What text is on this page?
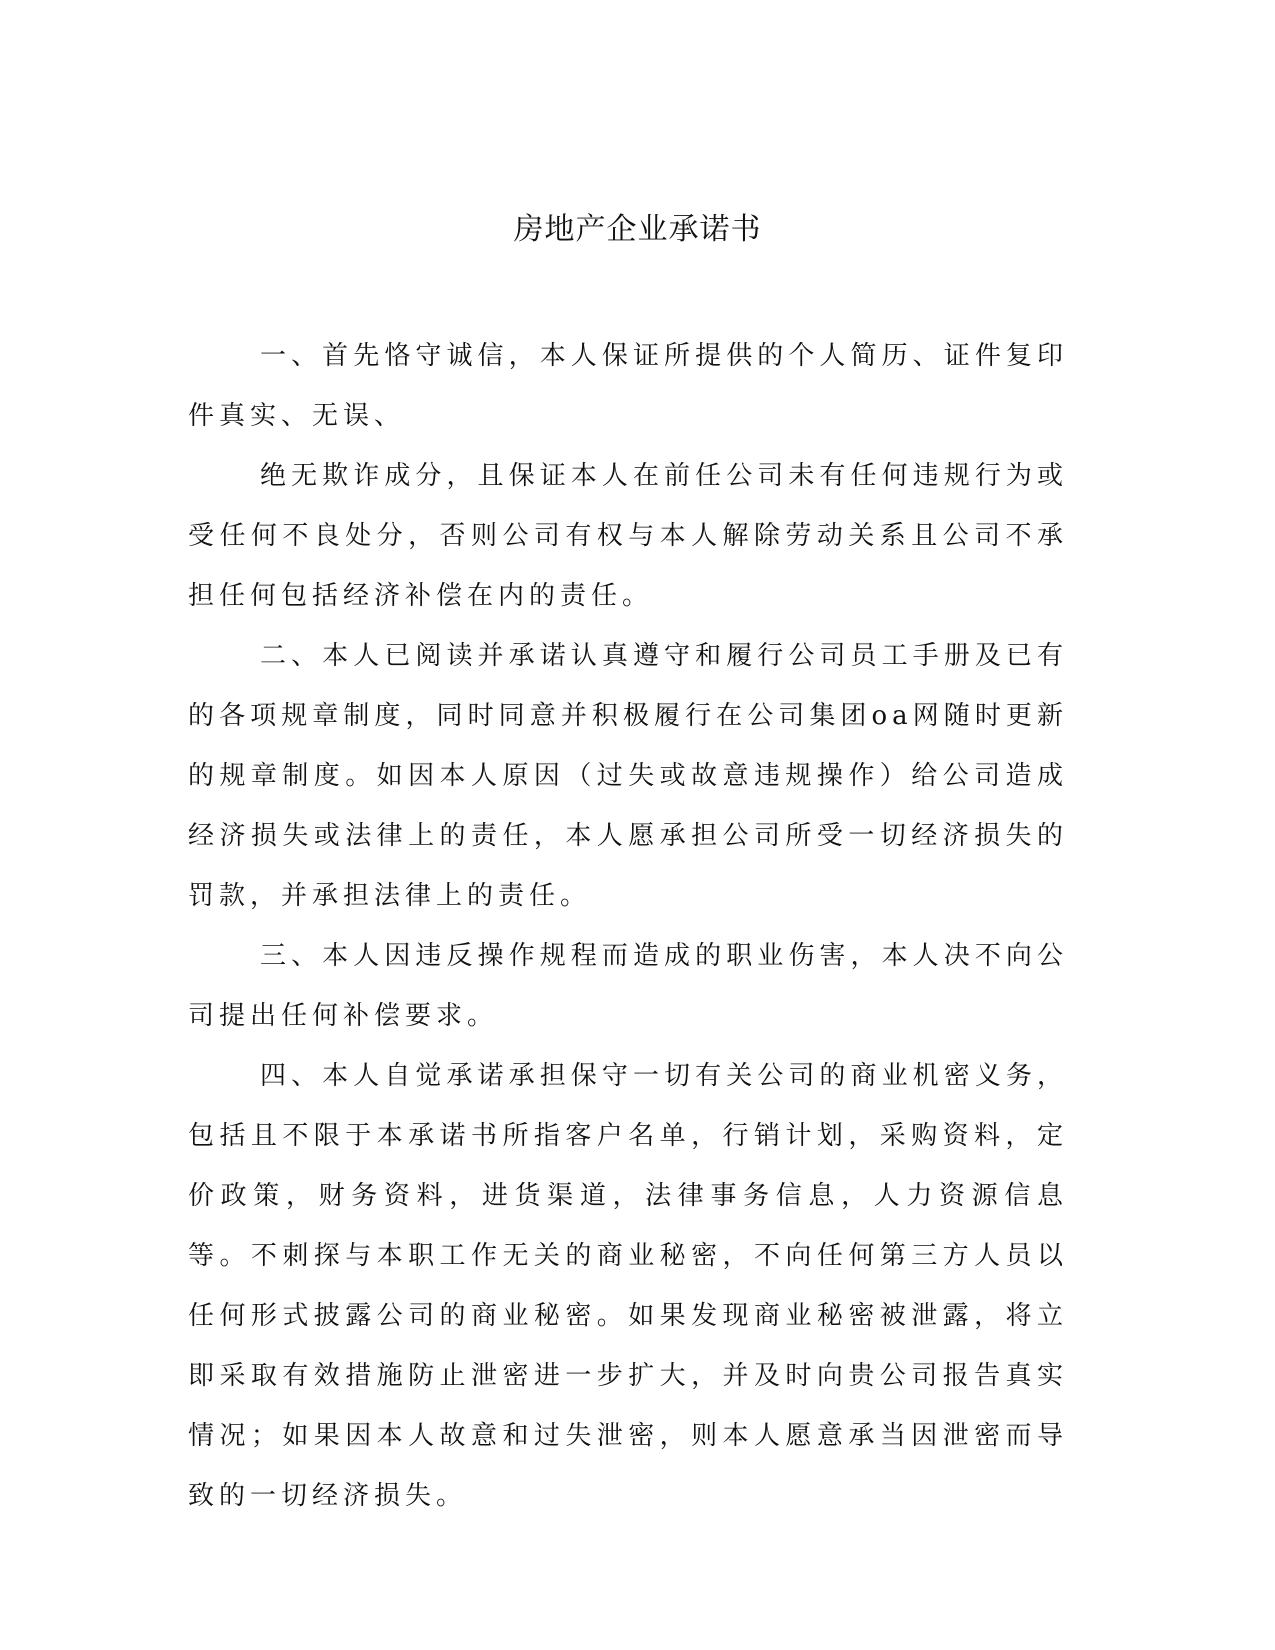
房地产企业承诺书

一、首先恪守诚信，本人保证所提供的个人简历、证件复印件真实、无误、

绝无欺诈成分，且保证本人在前任公司未有任何违规行为或受任何不良处分，否则公司有权与本人解除劳动关系且公司不承担任何包括经济补偿在内的责任。

二、本人已阅读并承诺认真遵守和履行公司员工手册及已有的各项规章制度，同时同意并积极履行在公司集团oa网随时更新的规章制度。如因本人原因（过失或故意违规操作）给公司造成经济损失或法律上的责任，本人愿承担公司所受一切经济损失的罚款，并承担法律上的责任。

三、本人因违反操作规程而造成的职业伤害，本人决不向公司提出任何补偿要求。

四、本人自觉承诺承担保守一切有关公司的商业机密义务，包括且不限于本承诺书所指客户名单，行销计划，采购资料，定价政策，财务资料，进货渠道，法律事务信息，人力资源信息等。不刺探与本职工作无关的商业秘密，不向任何第三方人员以任何形式披露公司的商业秘密。如果发现商业秘密被泄露，将立即采取有效措施防止泄密进一步扩大，并及时向贵公司报告真实情况；如果因本人故意和过失泄密，则本人愿意承当因泄密而导致的一切经济损失。
